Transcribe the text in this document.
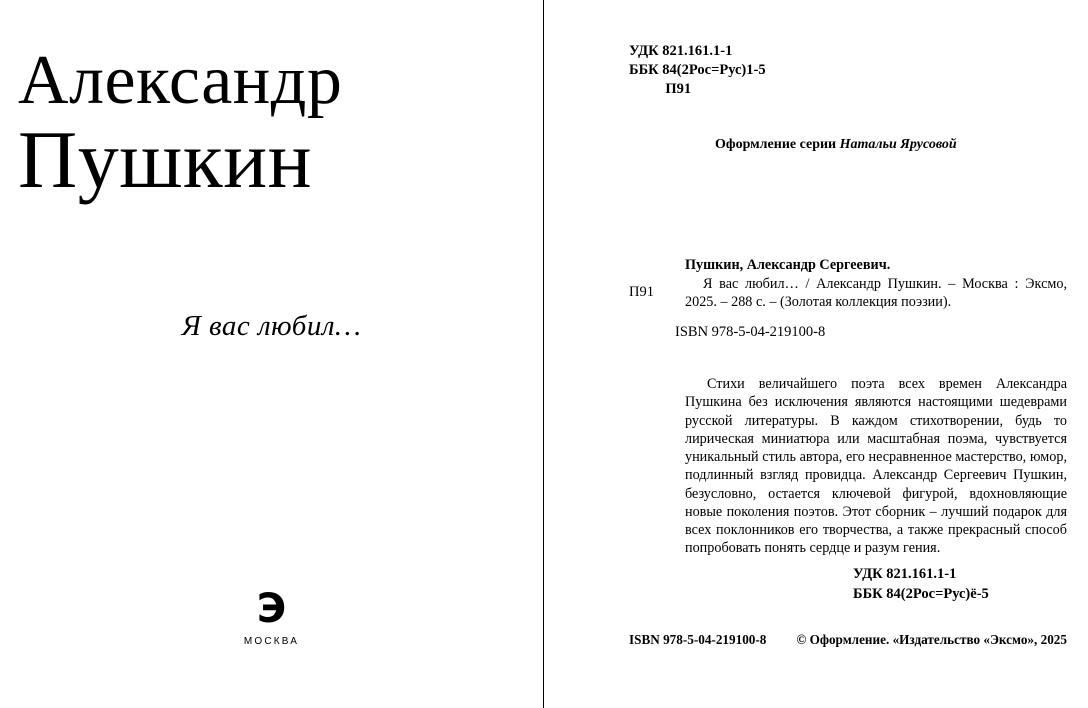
Александр
Пушкин
Я вас любил…
Э
МОСКВА
УДК 821.161.1-1
ББК 84(2Рос=Рус)1-5
П91
Оформление серии Натальи Ярусовой
П91
Пушкин, Александр Сергеевич.
Я вас любил… / Александр Пушкин. – Москва : Эксмо, 2025. – 288 с. – (Золотая коллекция поэзии).
ISBN 978-5-04-219100-8
Стихи величайшего поэта всех времен Александра Пушкина без исключения являются настоящими шедеврами русской литературы. В каждом стихотворении, будь то лирическая миниатюра или масштабная поэма, чувствуется уникальный стиль автора, его несравненное мастерство, юмор, подлинный взгляд провидца. Александр Сергеевич Пушкин, безусловно, остается ключевой фигурой, вдохновляющие новые поколения поэтов. Этот сборник – лучший подарок для всех поклонников его творчества, а также прекрасный способ попробовать понять сердце и разум гения.
УДК 821.161.1-1
ББК 84(2Рос=Рус)ё-5
ISBN 978-5-04-219100-8 © Оформление. «Издательство «Эксмо», 2025
